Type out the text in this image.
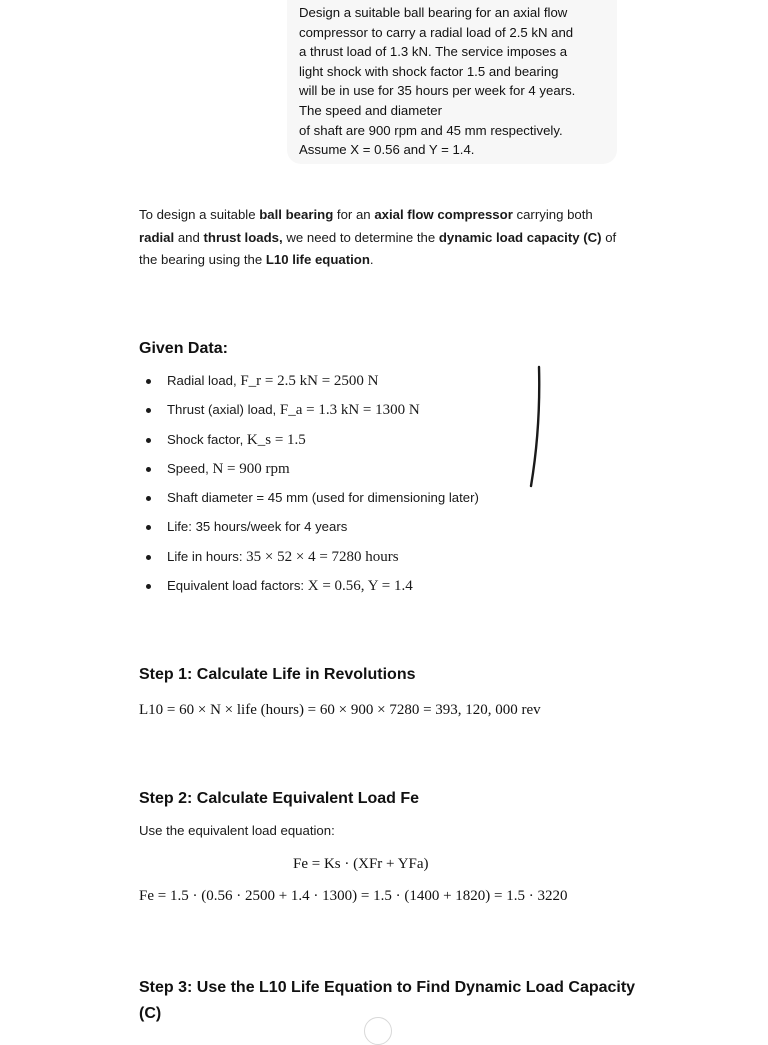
Design a suitable ball bearing for an axial flow
compressor to carry a radial load of 2.5 kN and
a thrust load of 1.3 kN. The service imposes a
light shock with shock factor 1.5 and bearing
will be in use for 35 hours per week for 4 years.
The speed and diameter
of shaft are 900 rpm and 45 mm respectively.
Assume X = 0.56 and Y = 1.4.
To design a suitable ball bearing for an axial flow compressor carrying both radial and thrust loads, we need to determine the dynamic load capacity (C) of the bearing using the L10 life equation.
Given Data:
Radial load, F_r = 2.5 kN = 2500 N
Thrust (axial) load, F_a = 1.3 kN = 1300 N
Shock factor, K_s = 1.5
Speed, N = 900 rpm
Shaft diameter = 45 mm (used for dimensioning later)
Life: 35 hours/week for 4 years
Life in hours: 35 × 52 × 4 = 7280 hours
Equivalent load factors: X = 0.56, Y = 1.4
Step 1: Calculate Life in Revolutions
L10 = 60 × N × life (hours) = 60 × 900 × 7280 = 393, 120, 000 rev
Step 2: Calculate Equivalent Load Fe
Use the equivalent load equation:
Fe = Ks · (XFr + YFa)
Fe = 1.5 · (0.56 · 2500 + 1.4 · 1300) = 1.5 · (1400 + 1820) = 1.5 · 3220
Step 3: Use the L10 Life Equation to Find Dynamic Load Capacity (C)
